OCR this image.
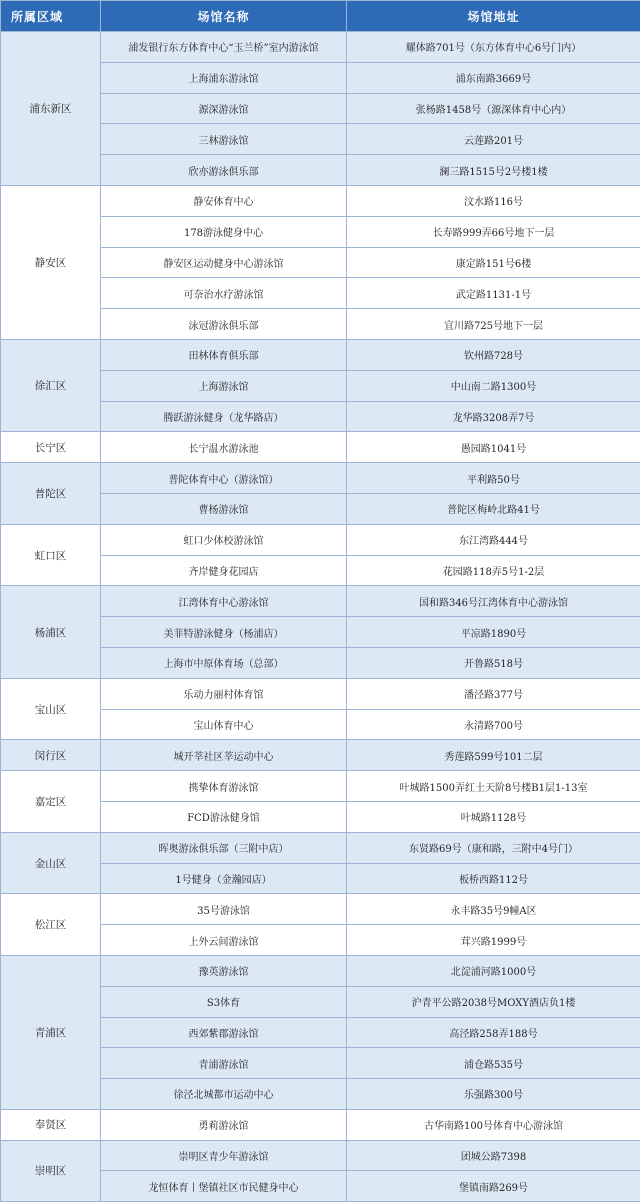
所属区域	场馆名称	场馆地址
浦东新区	浦发银行东方体育中心“玉兰桥”室内游泳馆	耀体路701号（东方体育中心6号门内）
	上海浦东游泳馆	浦东南路3669号
	源深游泳馆	张杨路1458号（源深体育中心内）
	三林游泳馆	云莲路201号
	欣亦游泳俱乐部	澜三路1515号2号楼1楼
静安区	静安体育中心	汶水路116号
	178游泳健身中心	长寿路999弄66号地下一层
	静安区运动健身中心游泳馆	康定路151号6楼
	可奈治水疗游泳馆	武定路1131-1号
	泳冠游泳俱乐部	宜川路725号地下一层
徐汇区	田林体育俱乐部	钦州路728号
	上海游泳馆	中山南二路1300号
	腾跃游泳健身（龙华路店）	龙华路3208弄7号
长宁区	长宁温水游泳池	愚园路1041号
普陀区	普陀体育中心（游泳馆）	平利路50号
	曹杨游泳馆	普陀区梅岭北路41号
虹口区	虹口少体校游泳馆	东江湾路444号
	齐岸健身花园店	花园路118弄5号1-2层
杨浦区	江湾体育中心游泳馆	国和路346号江湾体育中心游泳馆
	美菲特游泳健身（杨浦店）	平凉路1890号
	上海市中原体育场（总部）	开鲁路518号
宝山区	乐动力丽村体育馆	潘泾路377号
	宝山体育中心	永清路700号
闵行区	城开莘社区莘运动中心	秀莲路599号101二层
嘉定区	携挚体育游泳馆	叶城路1500弄红土天阶8号楼B1层1-13室
	FCD游泳健身馆	叶城路1128号
金山区	晖奥游泳俱乐部（三附中店）	东贤路69号（康和路，三附中4号门）
	1号健身（金瀚园店）	板桥西路112号
松江区	35号游泳馆	永丰路35号9幢A区
	上外云间游泳馆	茸兴路1999号
青浦区	豫英游泳馆	北淀浦河路1000号
	S3体育	沪青平公路2038号MOXY酒店负1楼
	西郊紫郡游泳馆	高泾路258弄188号
	青浦游泳馆	浦仓路535号
	徐泾北城都市运动中心	乐强路300号
奉贤区	勇莉游泳馆	古华南路100号体育中心游泳馆
崇明区	崇明区青少年游泳馆	团城公路7398
	龙恒体育丨堡镇社区市民健身中心	堡镇南路269号
